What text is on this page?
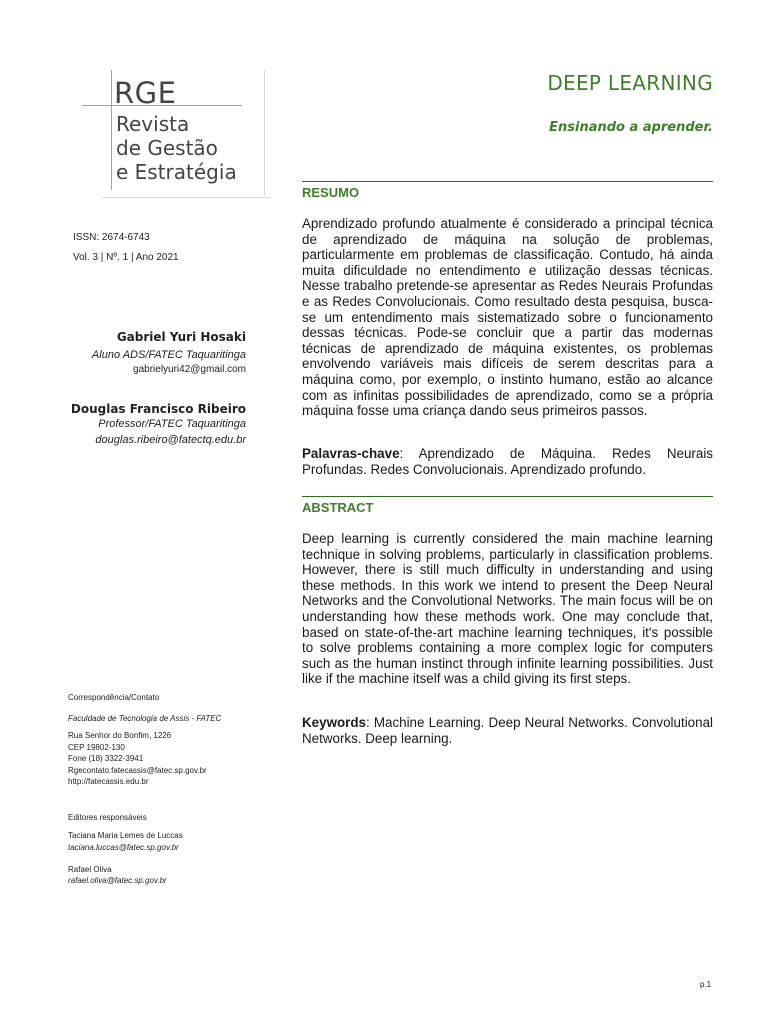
RGE
Revista
de Gestão
e Estratégia
ISSN: 2674-6743
Vol. 3 | Nº. 1 | Ano 2021
Gabriel Yuri Hosaki
Aluno ADS/FATEC Taquaritinga
gabrielyuri42@gmail.com
Douglas Francisco Ribeiro
Professor/FATEC Taquaritinga
douglas.ribeiro@fatectq.edu.br
Correspondência/Contato
Faculdade de Tecnologia de Assis - FATEC
Rua Senhor do Bonfim, 1226
CEP 19802-130
Fone (18) 3322-3941
Rgecontato.fatecassis@fatec.sp.gov.br
http://fatecassis.edu.br
Editores responsáveis
Taciana Maria Lemes de Luccas
taciana.luccas@fatec.sp.gov.br
Rafael Oliva
rafael.oliva@fatec.sp.gov.br
DEEP LEARNING
Ensinando a aprender.
RESUMO
Aprendizado profundo atualmente é considerado a principal técnica de aprendizado de máquina na solução de problemas, particularmente em problemas de classificação. Contudo, há ainda muita dificuldade no entendimento e utilização dessas técnicas. Nesse trabalho pretende-se apresentar as Redes Neurais Profundas e as Redes Convolucionais. Como resultado desta pesquisa, busca-se um entendimento mais sistematizado sobre o funcionamento dessas técnicas. Pode-se concluir que a partir das modernas técnicas de aprendizado de máquina existentes, os problemas envolvendo variáveis mais difíceis de serem descritas para a máquina como, por exemplo, o instinto humano, estão ao alcance com as infinitas possibilidades de aprendizado, como se a própria máquina fosse uma criança dando seus primeiros passos.
Palavras-chave: Aprendizado de Máquina. Redes Neurais Profundas. Redes Convolucionais. Aprendizado profundo.
ABSTRACT
Deep learning is currently considered the main machine learning technique in solving problems, particularly in classification problems. However, there is still much difficulty in understanding and using these methods. In this work we intend to present the Deep Neural Networks and the Convolutional Networks. The main focus will be on understanding how these methods work. One may conclude that, based on state-of-the-art machine learning techniques, it's possible to solve problems containing a more complex logic for computers such as the human instinct through infinite learning possibilities. Just like if the machine itself was a child giving its first steps.
Keywords: Machine Learning. Deep Neural Networks. Convolutional Networks. Deep learning.
p.1
